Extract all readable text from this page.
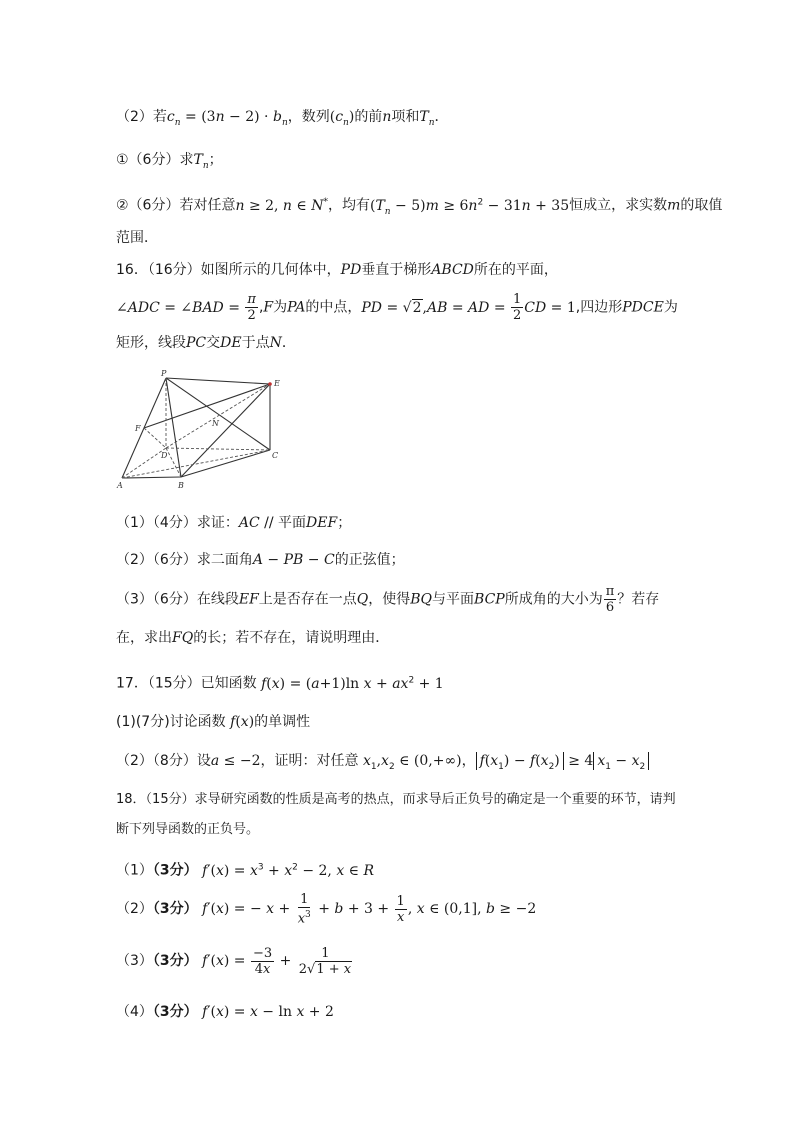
（2）若$c_n = (3n - 2) \cdot b_n$，数列$(c_n)$的前n项和$T_n$．
①（6分）求$T_n$；
②（6分）若对任意n ≥ 2, n ∈ N*，均有$(T_n - 5)m \ge 6n^2 - 31n + 35$恒成立，求实数m的取值
范围．
16．（16分）如图所示的几何体中，PD垂直于梯形ABCD所在的平面，
∠ADC = ∠BAD = $\frac{\pi}{2} ,F$为PA的中点，PD = √2,AB = AD = $\frac{1}{2}$ CD = 1,四边形PDCE为
矩形，线段PC交DE于点N．
P
E
F
N
D	C
A	B
（1）（4分）求证：AC // 平面DEF；
（2）（6分）求二面角A − PB − C的正弦值；
（3）（6分）在线段EF上是否存在一点Q，使得BQ与平面BCP所成角的大小为 $\frac{\pi}{6}$ ？若存
在，求出FQ的长；若不存在，请说明理由．
17．（15分）已知函数 f(x) = (a+1)ln $x + ax^2 + 1$
(1)(7分)讨论函数 f(x)的单调性
（2）（8分）设a ≤ −2，证明：对任意 $x_1,x_2$ ∈ (0,+∞)， $f(x_1) - f(x_2) \ge 4$ $x_1 - x_2$
18．（15分）求导研究函数的性质是高考的热点，而求导后正负号的确定是一个重要的环节，请判
断下列导函数的正负号。
（1）（3分） $f'(x) = x^3 + x^2 - 2$, x ∈ R
（2）（3分） f′(x) = − $x + \frac{1}{x^3} + b + 3 + \frac{1}{x}$ , x ∈ (0,1], b ≥ −2
（3）（3分） $f'(x) = \frac{-3}{4x} + \frac{1}{2√1 + x}$
（4）（3分） f′(x) = x − ln x + 2
